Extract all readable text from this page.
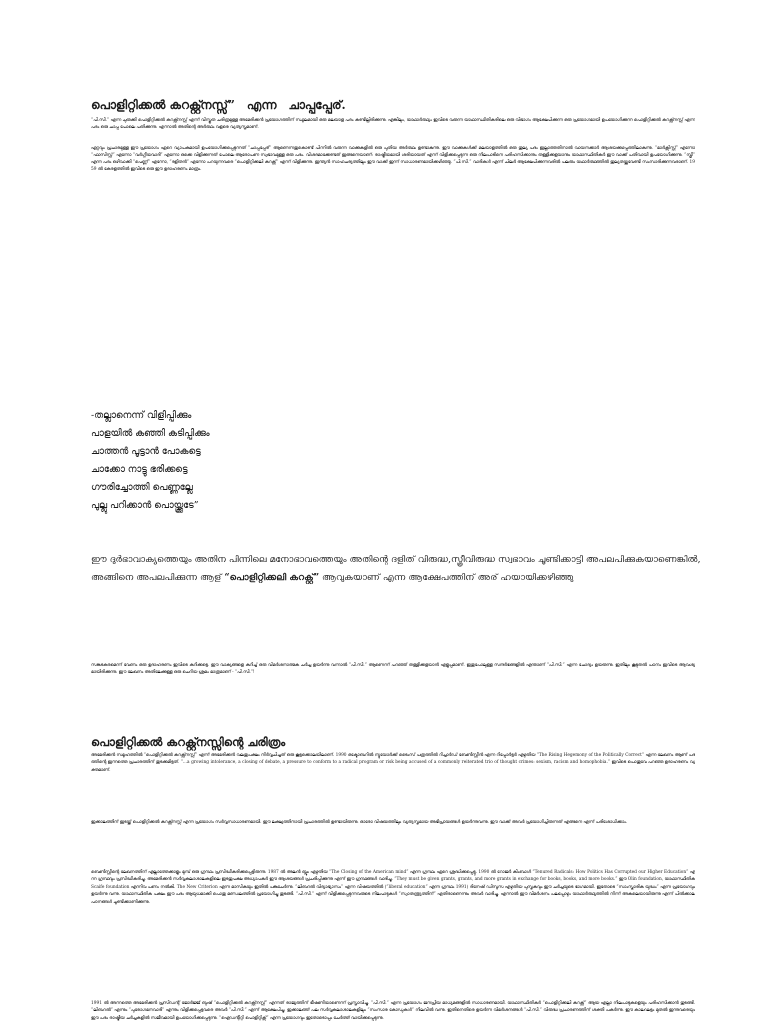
പൊളിറ്റിക്കൽ കറക്റ്റ്നസ്സ്” എന്ന ചാപ്പപ്പേര്.
“പി.സി.” എന്ന ചുരുക്കി പൊളിറ്റിക്കൽ കറക്റ്റ്നസ്സ് എന്ന് വിസ്കൃത ചരിത്രമുള്ള അമേരിക്കൻ പ്രയോഗത്തിന് സ്ഥൂലമായി ഒരു മലയാള പദം കണ്ടില്ലിരിക്കുന്നു. എങ്കിലും, യാഥാർത്ഥ്യം ഇവിടെ വരുന്ന യാഥാസ്ഥിതികരിലെ ഒരു വിഭാഗം ആക്ഷേപിക്കുന്ന ഒരു പ്രയോഗമായി ഉപയോഗിക്കുന്ന പൊളിറ്റിക്കൽ കറക്റ്റ്നസ്സ് എന്ന പദം ഒരു ചാപ്പ പോലെ പതിക്കുന്നു. എന്നാൽ അതിന്റെ അർത്ഥം വളരെ വ്യത്യസ്തമാണ്.
ഏറ്റവും പ്രചാരമുള്ള ഈ പ്രയോഗം ഏറെ വ്യാപകമായി ഉപയോഗിക്കപ്പെടുന്നത് “ചാപ്പപ്പേര്” ആണെന്നതുകൊണ്ട് പിന്നിൽ വരുന്ന വാക്കുകളിൽ ഒരു പുതിയ അർത്ഥം ഉണ്ടാകുന്നു. ഈ വാക്കുകൾക്ക് മലയാളത്തിൽ ഒരു തുല്യ പദം ഇല്ലാത്തതിനാൽ വായനക്കാർ ആശയക്കുഴപ്പത്തിലാകുന്നു. “മാർക്സിസ്റ്റ്” എന്നോ “ഫാസിസ്റ്റ്” എന്നോ “വർഗ്ഗീയവാദി” എന്നോ ഒക്കെ വിളിക്കുന്നത് പോലെ ആരോപണ സ്വഭാവമുള്ള ഒരു പദം. വിശദമാക്കേണ്ടത് ഇങ്ങനെയാണ്: രാഷ്ട്രീയമായി ശരിയായത് എന്ന് വിളിക്കപ്പെടുന്ന ഒരു നിലപാടിനെ പരിഹസിക്കാനും തള്ളിക്കളയാനും യാഥാസ്ഥിതികർ ഈ വാക്ക് പതിവായി ഉപയോഗിക്കുന്നു. “സ്ത്രീ” എന്ന പദം ഒഴിവാക്കി “പെണ്ണ്” എന്നോ, “ദളിതൻ” എന്നോ പറയുന്നവരെ “പൊളിറ്റിക്കലി കറക്റ്റ്” എന്ന് വിളിക്കുന്നു. ഇന്ത്യൻ സാഹചര്യത്തിലും ഈ വാക്ക് ഇന്ന് സാധാരണമായിക്കഴിഞ്ഞു. “പി.സി.” വാദികൾ എന്ന് ചിലർ ആക്ഷേപിക്കുന്നവരിൽ പലരും യഥാർത്ഥത്തിൽ തുല്യതയ്ക്കുവേണ്ടി സംസാരിക്കുന്നവരാണ്. 1959 ൽ കേരളത്തിൽ ഇവിടെ ഒരു ഈ ഉദാഹരണം മാത്രം.
-തല്ലാനെന്ന് വിളിപ്പിക്കും
പാളയിൽ കഞ്ഞി കടിപ്പിക്കും
ചാത്തൻ പൂട്ടാൻ പോകട്ടെ
ചാക്കോ നാട്ടു ഭരിക്കട്ടെ
ഗൗരിച്ചോത്തി പെണ്ണല്ലേ
പുല്ലു പറിക്കാൻ പൊയ്ക്കൂടേ”
ഈ ദുർഭാവാക്യത്തെയും അതിന പിന്നിലെ മനോഭാവത്തെയും അതിന്റെ ദളിത് വിരുദ്ധ,സ്ത്രീവിരുദ്ധ സ്വഭാവം ചൂണ്ടിക്കാട്ടി അപലപിക്കുകയാണെങ്കിൽ, അങ്ങിനെ അപലപിക്കുന്ന ആള് “പൊളിറ്റിക്കലി കറക്റ്റ്” ആവുകയാണ് എന്ന ആക്ഷേപത്തിന് അര് ഹയായിക്കഴിഞ്ഞു
സങ്കടകരമെന്ന് വേണം ഒരു ഉദാഹരണം ഇവിടെ കുറിക്കട്ടെ. ഈ വാക്യങ്ങളെ കുറിച്ച് ഒരു വിമർശനാത്മക ചർച്ച ഉയർന്നു വന്നാൽ “പി.സി.” ആണെന്ന് പറഞ്ഞ് തള്ളിക്കളയാൻ എളുപ്പമാണ്. ഇതുപോലുള്ള സന്ദർഭങ്ങളിൽ എന്താണ് “പി.സി.” എന്ന ചോദ്യം ഉയരുന്നു. ഇതിലും കൂടുതൽ പഠനം ഇവിടെ ആവശ്യമായിരിക്കുന്നു. ഈ ലേഖനം അതിലേക്കുള്ള ഒരു ചെറിയ ശ്രമം മാത്രമാണ് - “പി.സി.”!
പൊളിറ്റിക്കൽ കറക്റ്റ്നസ്സിന്റെ ചരിത്രം
അമേരിക്കൻ സമൂഹത്തിൽ “പൊളിറ്റിക്കൽ കറക്റ്റ്നസ്സ്” എന്ന് അമേരിക്കൻ വലതുപക്ഷം നിർവ്വചിച്ചത് ഒരു കൂട്ടക്കൊലയിലാണ്. 1990 ഒക്ടോബറിൽ ന്യൂയോർക്ക് ടൈംസ് പത്രത്തിൽ റിച്ചാർഡ് ബേൺസ്റ്റീൻ എന്ന റിപ്പോർട്ടർ എഴുതിയ “The Rising Hegemony of the Politically Correct” എന്ന ലേഖനം ആണ് പദത്തിന്റെ ഇന്നത്തെ പ്രചാരത്തിന് തുടക്കമിട്ടത്. “...a growing intolerance, a closing of debate, a pressure to conform to a radical program or risk being accused of a commonly reiterated trio of thought crimes: sexism, racism and homophobia.” ഇവിടെ പൊതുവേ പറഞ്ഞ ഉദാഹരണം വ്യക്തമാണ്.
ഇക്കാലത്തിന് ഇടയ്ക്ക് പൊളിറ്റിക്കൽ കറക്റ്റ്നസ്സ് എന്ന പ്രയോഗം സർവ്വസാധാരണമായി. ഈ ലക്ഷ്യത്തിനായി പ്രചാരത്തിൽ ഉണ്ടായിരുന്നു. ഓരോ വിഷയത്തിലും വ്യത്യസ്തമായ അഭിപ്രായങ്ങൾ ഉയർന്നുവന്നു. ഈ വാക്ക് അവർ പ്രയോഗിച്ചിരുന്നത് എങ്ങനെ എന്ന് പരിശോധിക്കാം.
ബെൺസ്റ്റീന്റെ ലേഖനത്തിന് എല്ലാത്തേക്കാളും മുമ്പ് ഒരു ഗ്രന്ഥം പ്രസിദ്ധീകരിക്കപ്പെട്ടിരുന്നു. 1987 ൽ അലൻ ബ്ലൂം എഴുതിയ “The Closing of the American mind” എന്ന ഗ്രന്ഥം ഏറെ ശ്രദ്ധിക്കപ്പെട്ടു. 1990 ൽ റോജർ കിംബാൾ “Tenured Radicals: How Politics Has Corrupted our Higher Education” എന്ന ഗ്രന്ഥവും പ്രസിദ്ധീകരിച്ചു. അമേരിക്കൻ സർവ്വകലാശാലകളിലെ ഇടതുപക്ഷ അധ്യാപകർ ഈ ആശയങ്ങൾ പ്രചരിപ്പിക്കുന്നു എന്ന് ഈ ഗ്രന്ഥങ്ങൾ വാദിച്ചു. “They must be given grants, grants, and more grants in exchange for books, books, and more books.” ഈ Olin foundation, യാഥാസ്ഥിതിക Scaife foundation എന്നിവ പണം നൽകി. The New Criterion എന്ന മാസികയും ഇതിൽ പങ്കുചേർന്നു. “ലിബറൽ വിദ്യാഭ്യാസം” എന്ന വിഷയത്തിൽ (“liberal education” എന്ന ഗ്രന്ഥം 1991) ദിനേഷ് ഡിസൂസ എഴുതിയ പുസ്തകവും ഈ ചർച്ചയുടെ ഭാഗമായി. ഇതോടെ “സാംസ്കാരിക യുദ്ധം” എന്ന പ്രയോഗവും ഉയർന്നു വന്നു. യാഥാസ്ഥിതിക പക്ഷം ഈ പദം ആയുധമാക്കി പൊതു മണ്ഡലത്തിൽ പ്രയോഗിച്ചു തുടങ്ങി. “പി.സി.” എന്ന് വിളിക്കപ്പെടുന്നവരുടെ നിലപാടുകൾ “സ്വാതന്ത്ര്യത്തിന്” എതിരാണെന്നും അവർ വാദിച്ചു. എന്നാൽ ഈ വിമർശനം പലപ്പോഴും യാഥാർത്ഥ്യത്തിൽ നിന്ന് അകലെയായിരുന്നു എന്ന് പിൽക്കാല പഠനങ്ങൾ ചൂണ്ടിക്കാണിക്കുന്നു.
1991 ൽ അന്നത്തെ അമേരിക്കൻ പ്രസിഡന്റ് ജോർജ്ജ് ബുഷ് “പൊളിറ്റിക്കൽ കറക്റ്റ്നസ്സ്” എന്നത് രാജ്യത്തിന് ഭീഷണിയാണെന്ന് പ്രസ്താവിച്ചു. “പി.സി.” എന്ന പ്രയോഗം ജനപ്രിയ മാധ്യമങ്ങളിൽ സാധാരണമായി. യാഥാസ്ഥിതികർ “പൊളിറ്റിക്കലി കറക്റ്റ്” ആയ എല്ലാ നിലപാടുകളെയും പരിഹസിക്കാൻ തുടങ്ങി. “ലിബറൽ” എന്നും “പുരോഗമനവാദി” എന്നും വിളിക്കപ്പെട്ടവരെ അവർ “പി.സി.” എന്ന് ആക്ഷേപിച്ചു. ഇക്കാലത്ത് പല സർവ്വകലാശാലകളിലും “സംസാര കോഡുകൾ” നിലവിൽ വന്നു. ഇതിനെതിരെ ഉയർന്ന വിമർശനങ്ങൾ “പി.സി.” വിരുദ്ധ പ്രചാരണത്തിന് ശക്തി പകർന്നു. ഈ കാലഘട്ടം മുതൽ ഇന്നുവരെയും ഈ പദം രാഷ്ട്രീയ ചർച്ചകളിൽ സജീവമായി ഉപയോഗിക്കപ്പെടുന്നു. “ഐഡന്റിറ്റി പൊളിറ്റിക്സ്” എന്ന പ്രയോഗവും ഇതോടൊപ്പം ചേർത്ത് വായിക്കപ്പെടുന്നു.
